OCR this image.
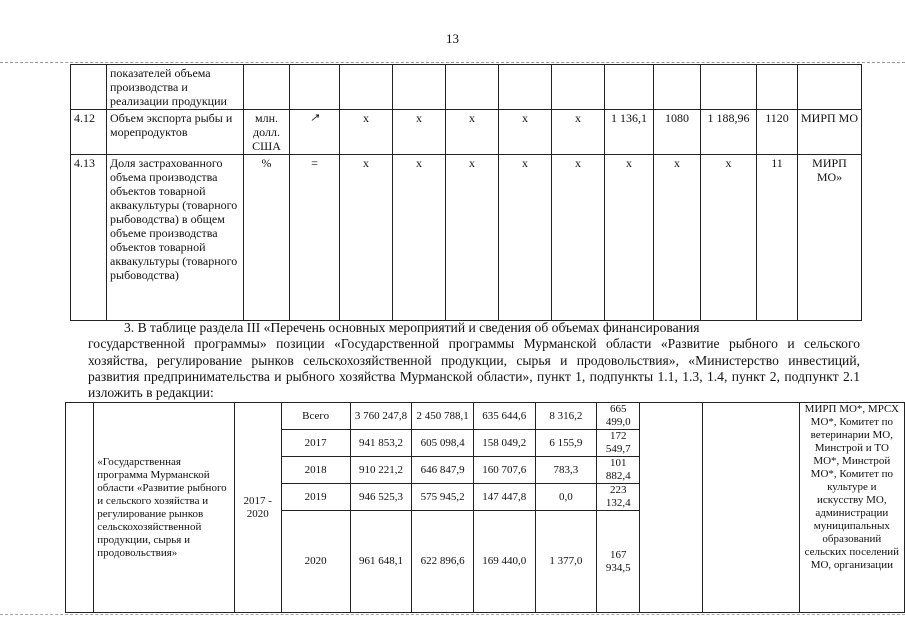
13
	показателей объема производства и реализации продукции												
4.12	Объем экспорта рыбы и морепродуктов	млн. долл. США	↗	х	х	х	х	х	1 136,1	1080	1 188,96	1120	МИРП МО
4.13	Доля застрахованного объема производства объектов товарной аквакультуры (товарного рыбоводства) в общем объеме производства объектов товарной аквакультуры (товарного рыбоводства)	%	=	х	х	х	х	х	х	х	х	11	МИРП МО»

3. В таблице раздела III «Перечень основных мероприятий и сведения об объемах финансирования

государственной программы» позиции «Государственной программы Мурманской области «Развитие рыбного и сельского хозяйства, регулирование рынков сельскохозяйственной продукции, сырья и продовольствия», «Министерство инвестиций, развития предпринимательства и рыбного хозяйства Мурманской области», пункт 1, подпункты 1.1, 1.3, 1.4, пункт 2, подпункт 2.1 изложить в редакции:

	«Государственная программа Мурманской области «Развитие рыбного и сельского хозяйства и регулирование рынков сельскохозяйственной продукции, сырья и продовольствия»	2017 - 2020	Всего	3 760 247,8	2 450 788,1	635 644,6	8 316,2	665 499,0			МИРП МО*, МРСХ МО*, Комитет по ветеринарии МО, Минстрой и ТО МО*, Минстрой МО*, Комитет по культуре и искусству МО, администрации муниципальных образований сельских поселений МО, организации
			2017	941 853,2	605 098,4	158 049,2	6 155,9	172 549,7			
			2018	910 221,2	646 847,9	160 707,6	783,3	101 882,4			
			2019	946 525,3	575 945,2	147 447,8	0,0	223 132,4			
			2020	961 648,1	622 896,6	169 440,0	1 377,0	167 934,5			
